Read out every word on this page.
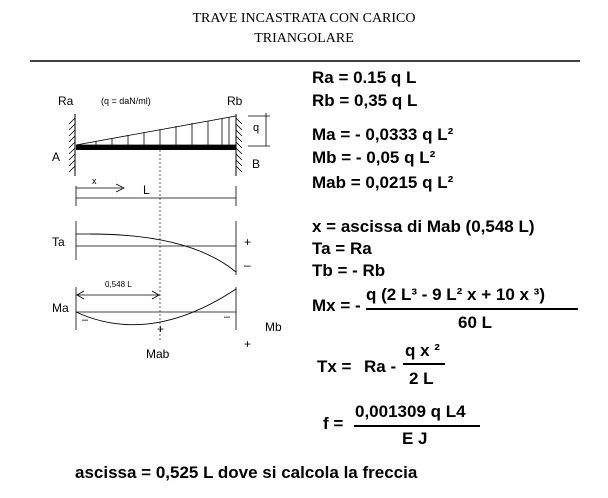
TRAVE INCASTRATA CON CARICO
TRIANGOLARE
Ra	Rb
(q = daN/ml)
q
A	B
x
L
Ta	+
–
0,548 L
Ma
–
+
–
Mb
+
Mab
Ra = 0.15 q L
Rb = 0,35 q L
Ma = - 0,0333 q L²
Mb = - 0,05 q L²
Mab = 0,0215 q L²
x = ascissa di Mab (0,548 L)
Ta = Ra
Tb = - Rb
Mx = -
q (2 L³ - 9 L² x + 10 x ³)
60 L
Tx = Ra -
q x ²
2 L
f =
0,001309 q L4
E J
ascissa = 0,525 L dove si calcola la freccia
